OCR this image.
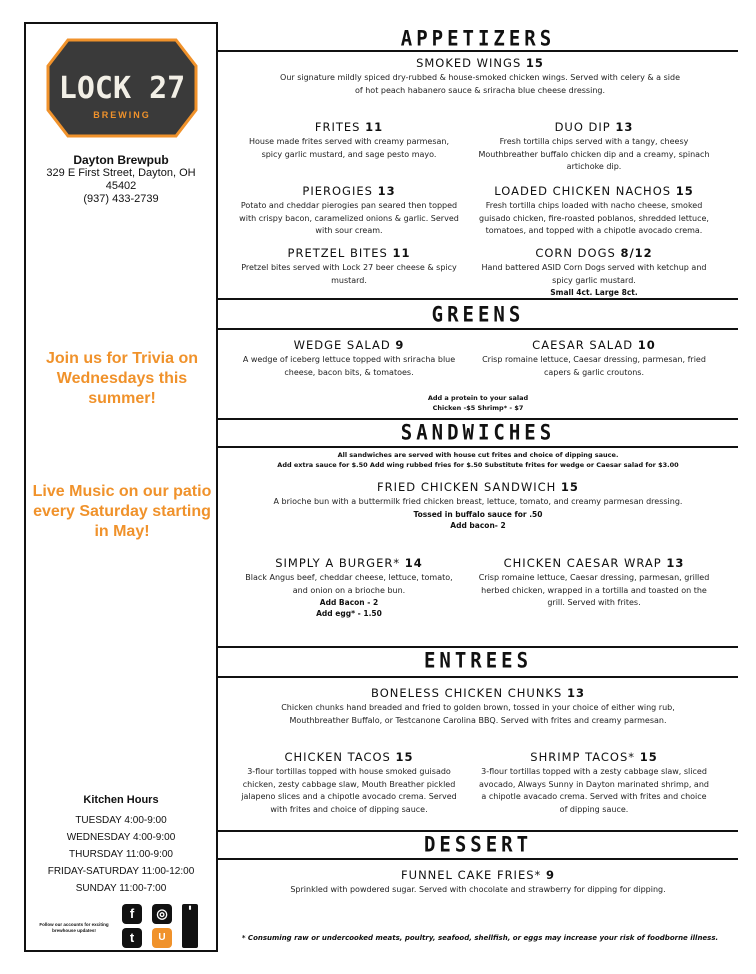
LOCK 27
BREWING
Dayton Brewpub
329 E First Street, Dayton, OH
45402
(937) 433-2739
Join us for Trivia on Wednesdays this summer!
Live Music on our patio every Saturday starting in May!
Kitchen Hours
TUESDAY 4:00-9:00
WEDNESDAY 4:00-9:00
THURSDAY 11:00-9:00
FRIDAY-SATURDAY 11:00-12:00
SUNDAY 11:00-7:00
Follow our accounts for exciting brewhouse updates!
f	◎
t	U
▮
APPETIZERS
SMOKED WINGS 15
Our signature mildly spiced dry-rubbed & house-smoked chicken wings. Served with celery & a side of hot peach habanero sauce & sriracha blue cheese dressing.
FRITES 11
House made frites served with creamy parmesan, spicy garlic mustard, and sage pesto mayo.
DUO DIP 13
Fresh tortilla chips served with a tangy, cheesy Mouthbreather buffalo chicken dip and a creamy, spinach artichoke dip.
PIEROGIES 13
Potato and cheddar pierogies pan seared then topped with crispy bacon, caramelized onions & garlic. Served with sour cream.
LOADED CHICKEN NACHOS 15
Fresh tortilla chips loaded with nacho cheese, smoked guisado chicken, fire-roasted poblanos, shredded lettuce, tomatoes, and topped with a chipotle avocado crema.
PRETZEL BITES 11
Pretzel bites served with Lock 27 beer cheese & spicy mustard.
CORN DOGS 8/12
Hand battered ASID Corn Dogs served with ketchup and spicy garlic mustard.
Small 4ct. Large 8ct.
GREENS
WEDGE SALAD 9
A wedge of iceberg lettuce topped with sriracha blue cheese, bacon bits, & tomatoes.
CAESAR SALAD 10
Crisp romaine lettuce, Caesar dressing, parmesan, fried capers & garlic croutons.
Add a protein to your salad
Chicken -$5 Shrimp* - $7
SANDWICHES
All sandwiches are served with house cut frites and choice of dipping sauce.
Add extra sauce for $.50 Add wing rubbed fries for $.50 Substitute frites for wedge or Caesar salad for $3.00
FRIED CHICKEN SANDWICH 15
A brioche bun with a buttermilk fried chicken breast, lettuce, tomato, and creamy parmesan dressing.
Tossed in buffalo sauce for .50
Add bacon- 2
SIMPLY A BURGER* 14
Black Angus beef, cheddar cheese, lettuce, tomato, and onion on a brioche bun.
Add Bacon - 2
Add egg* - 1.50
CHICKEN CAESAR WRAP 13
Crisp romaine lettuce, Caesar dressing, parmesan, grilled herbed chicken, wrapped in a tortilla and toasted on the grill. Served with frites.
ENTREES
BONELESS CHICKEN CHUNKS 13
Chicken chunks hand breaded and fried to golden brown, tossed in your choice of either wing rub, Mouthbreather Buffalo, or Testcanone Carolina BBQ. Served with frites and creamy parmesan.
CHICKEN TACOS 15
3-flour tortillas topped with house smoked guisado chicken, zesty cabbage slaw, Mouth Breather pickled jalapeno slices and a chipotle avocado crema. Served with frites and choice of dipping sauce.
SHRIMP TACOS* 15
3-flour tortillas topped with a zesty cabbage slaw, sliced avocado, Always Sunny in Dayton marinated shrimp, and a chipotle avacado crema. Served with frites and choice of dipping sauce.
DESSERT
FUNNEL CAKE FRIES* 9
Sprinkled with powdered sugar. Served with chocolate and strawberry for dipping for dipping.
* Consuming raw or undercooked meats, poultry, seafood, shellfish, or eggs may increase your risk of foodborne illness.
